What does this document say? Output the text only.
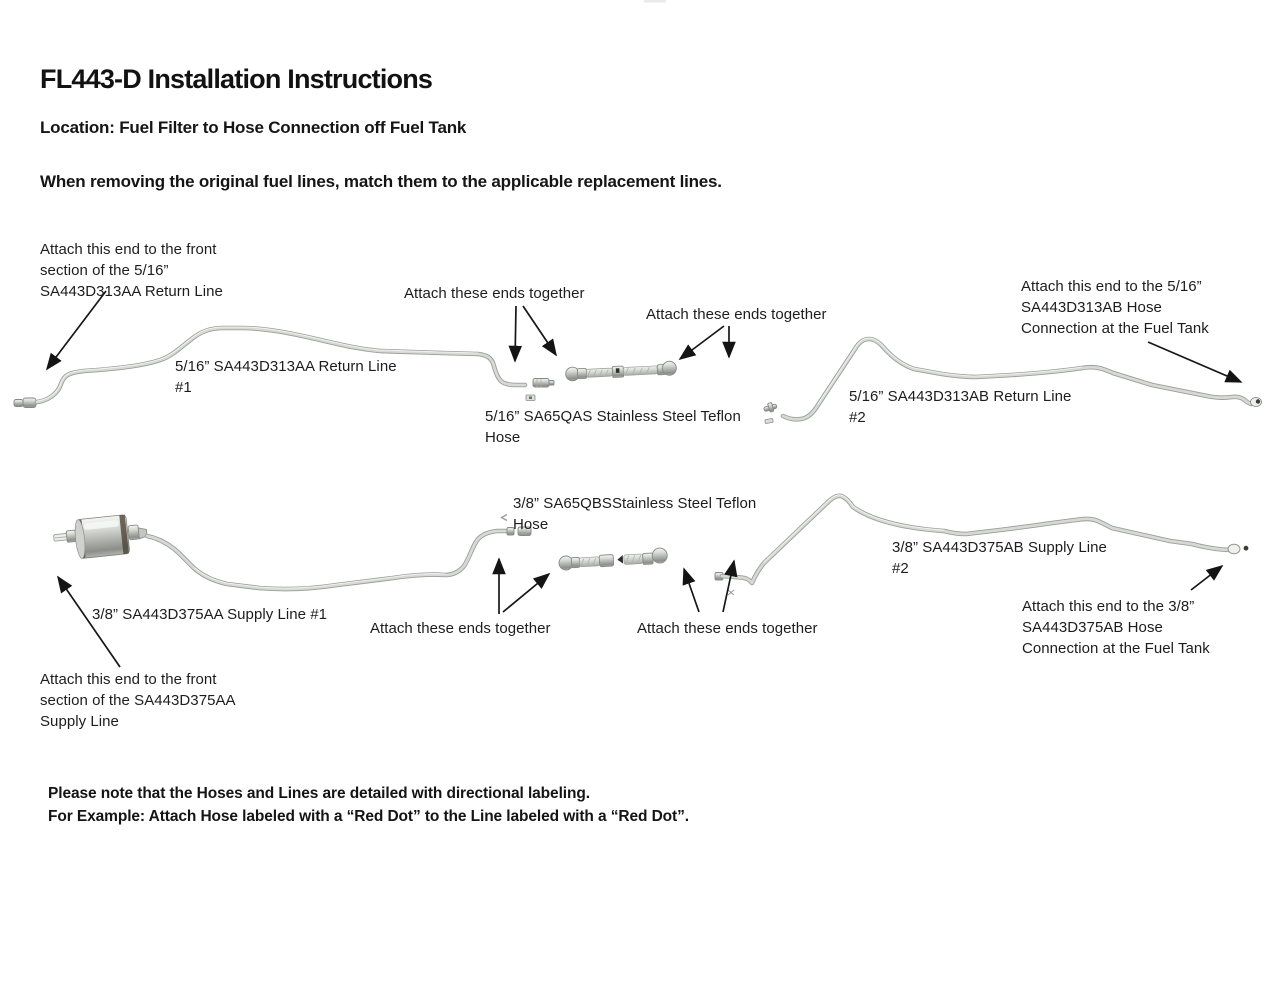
FL443-D Installation Instructions
Location: Fuel Filter to Hose Connection off Fuel Tank
When removing the original fuel lines, match them to the applicable replacement lines.
Attach this end to the front
section of the 5/16”
SA443D313AA Return Line	Attach these ends together
Attach these ends together
Attach this end to the 5/16”
SA443D313AB Hose
Connection at the Fuel Tank
5/16” SA443D313AA Return Line
#1
5/16” SA65QAS Stainless Steel Teflon
Hose
5/16” SA443D313AB Return Line
#2
3/8” SA65QBSStainless Steel Teflon
Hose
3/8” SA443D375AA Supply Line #1
Attach these ends together	Attach these ends together
3/8” SA443D375AB Supply Line
#2
Attach this end to the 3/8”
SA443D375AB Hose
Connection at the Fuel Tank
Attach this end to the front
section of the SA443D375AA
Supply Line
Please note that the Hoses and Lines are detailed with directional labeling.
For Example: Attach Hose labeled with a “Red Dot” to the Line labeled with a “Red Dot”.
